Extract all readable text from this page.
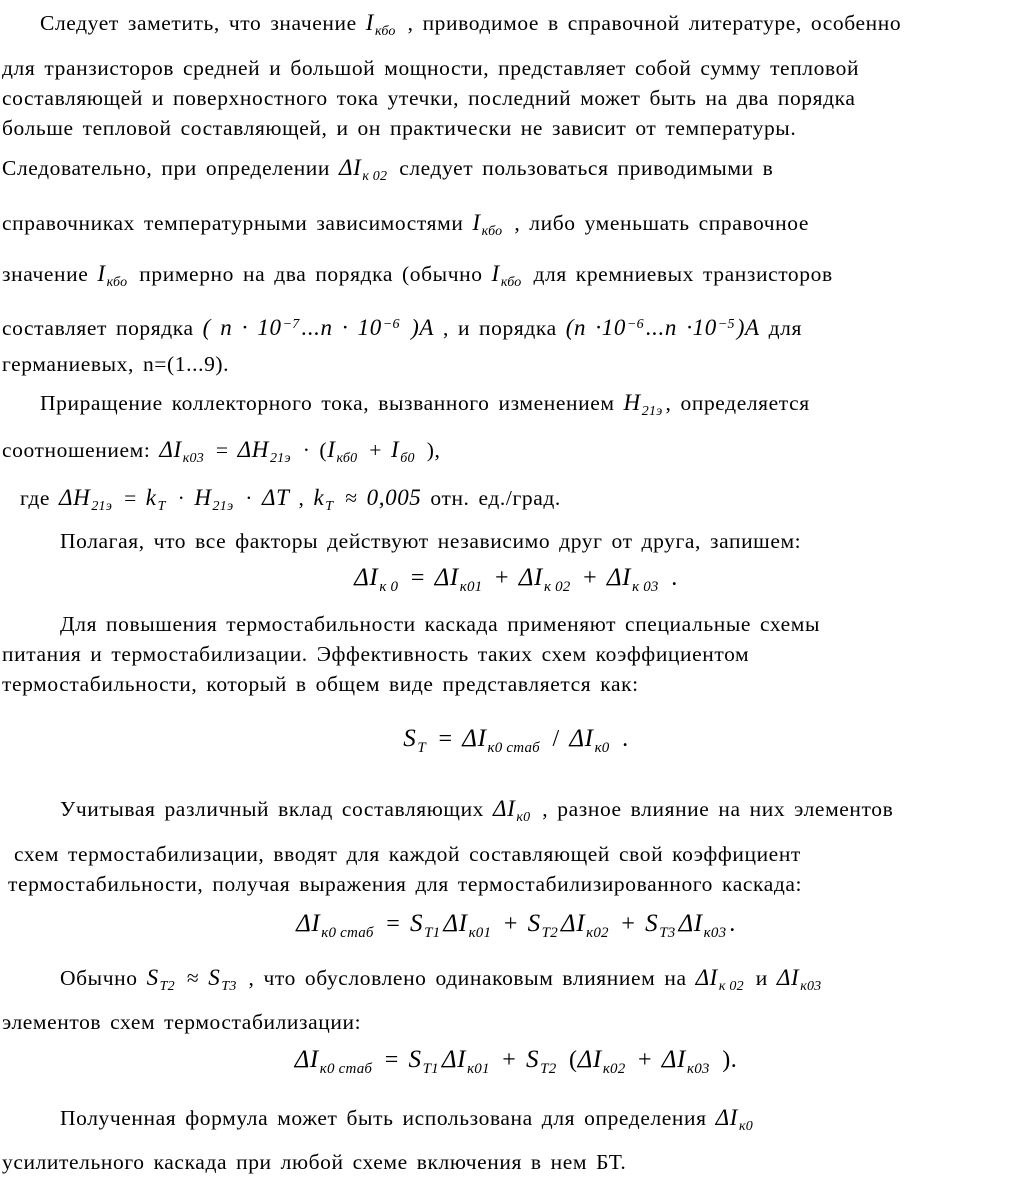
Следует заметить, что значение $I_{кбо}$ , приводимое в справочной литературе, особенно
для транзисторов средней и большой мощности, представляет собой сумму тепловой
составляющей и поверхностного тока утечки, последний может быть на два порядка
больше тепловой составляющей, и он практически не зависит от температуры.
Следовательно, при определении $\Delta I_{к 02}$ следует пользоваться приводимыми в
справочниках температурными зависимостями $I_{кбо}$ , либо уменьшать справочное
значение $I_{кбо}$ примерно на два порядка (обычно $I_{кбо}$ для кремниевых транзисторов
составляет порядка ( $n \cdot 10^{-7}...n \cdot 10^{-6}$ )А , и порядка $(n \cdot 10^{-6}...n \cdot 10^{-5})А$ для
германиевых, n=(1...9).
Приращение коллекторного тока, вызванного изменением $H_{21э}$ , определяется
соотношением: $\Delta I_{к03} = \Delta H_{21э} \cdot (I_{кб0} + I_{б0}$ ),
где $\Delta H_{21э} = k_T \cdot H_{21э} \cdot \Delta T$ , $k_T \approx 0,005$ отн. ед./град.
Полагая, что все факторы действуют независимо друг от друга, запишем:
$\Delta I_{к 0} = \Delta I_{к01} + \Delta I_{к 02} + \Delta I_{к 03}$ .
Для повышения термостабильности каскада применяют специальные схемы
питания и термостабилизации. Эффективность таких схем коэффициентом
термостабильности, который в общем виде представляется как:
$S_T = \Delta I_{к0 стаб} / \Delta I_{к0}$ .
Учитывая различный вклад составляющих $\Delta I_{к0}$ , разное влияние на них элементов
схем термостабилизации, вводят для каждой составляющей свой коэффициент
термостабильности, получая выражения для термостабилизированного каскада:
$\Delta I_{к0 стаб} = S_{T1}$ $\Delta I_{к01} + S_{T2}$ $\Delta I_{к02} + S_{T3}$ $\Delta I_{к03}$ .
Обычно $S_{T2} \approx S_{T3}$ , что обусловлено одинаковым влиянием на $\Delta I_{к 02}$ и $\Delta I_{к03}$
элементов схем термостабилизации:
$\Delta I_{к0 стаб} = S_{T1}$ $\Delta I_{к01} + S_{T2}$ ($\Delta I_{к02} + \Delta I_{к03}$ ).
Полученная формула может быть использована для определения $\Delta I_{к0}$
усилительного каскада при любой схеме включения в нем БТ.
